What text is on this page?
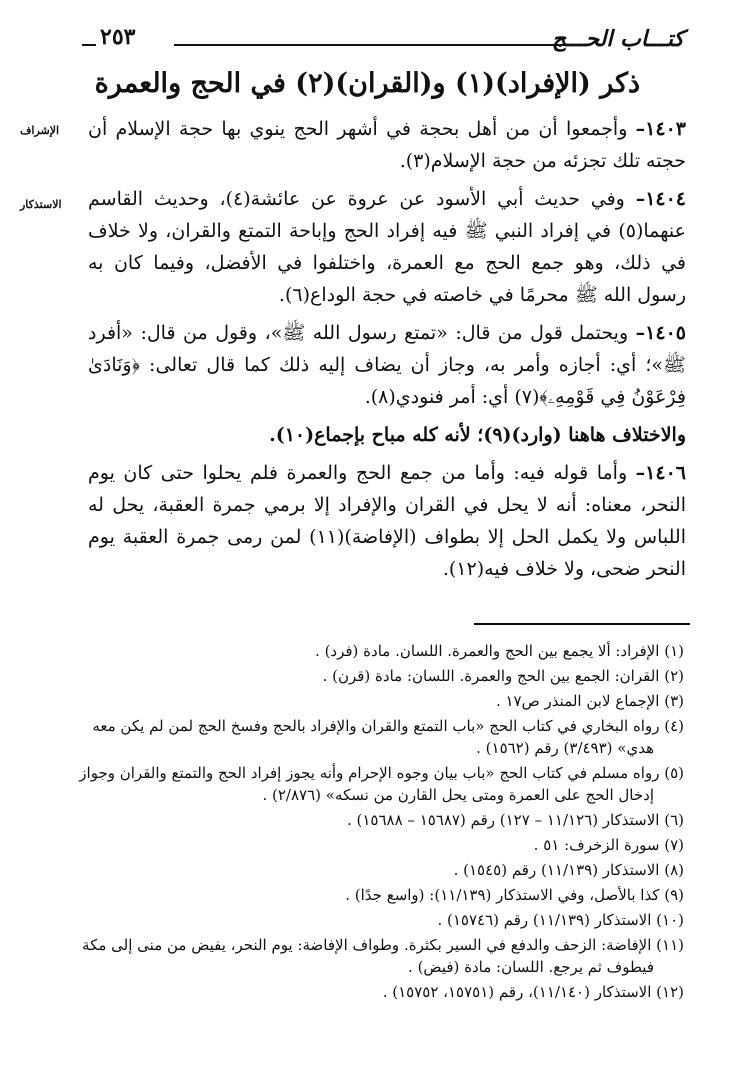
كتـــاب الحـــج
٢٥٣
ذكر (الإفراد)(١) و(القران)(٢) في الحج والعمرة
الإشراف
الاستذكار

١٤٠٣– وأجمعوا أن من أهل بحجة في أشهر الحج ينوي بها حجة الإسلام أن حجته تلك تجزئه من حجة الإسلام(٣).

١٤٠٤– وفي حديث أبي الأسود عن عروة عن عائشة(٤)، وحديث القاسم عنهما(٥) في إفراد النبي ﷺ فيه إفراد الحج وإباحة التمتع والقران، ولا خلاف في ذلك، وهو جمع الحج مع العمرة، واختلفوا في الأفضل، وفيما كان به رسول الله ﷺ محرمًا في خاصته في حجة الوداع(٦).

١٤٠٥– ويحتمل قول من قال: «تمتع رسول الله ﷺ»، وقول من قال: «أفرد ﷺ»؛ أي: أجازه وأمر به، وجاز أن يضاف إليه ذلك كما قال تعالى: ﴿وَنَادَىٰ فِرْعَوْنُ فِي قَوْمِهِۦ﴾(٧) أي: أمر فنودي(٨).

والاختلاف هاهنا (وارد)(٩)؛ لأنه كله مباح بإجماع(١٠).

١٤٠٦– وأما قوله فيه: وأما من جمع الحج والعمرة فلم يحلوا حتى كان يوم النحر، معناه: أنه لا يحل في القران والإفراد إلا برمي جمرة العقبة، يحل له اللباس ولا يكمل الحل إلا بطواف (الإفاضة)(١١) لمن رمى جمرة العقبة يوم النحر ضحى، ولا خلاف فيه(١٢).

(١) الإفراد: ألا يجمع بين الحج والعمرة. اللسان. مادة (فرد) .

(٢) القران: الجمع بين الحج والعمرة. اللسان: مادة (قرن) .

(٣) الإجماع لابن المنذر ص١٧ .

(٤) رواه البخاري في كتاب الحج «باب التمتع والقران والإفراد بالحج وفسخ الحج لمن لم يكن معه هدي» (٣/٤٩٣) رقم (١٥٦٢) .

(٥) رواه مسلم في كتاب الحج «باب بيان وجوه الإحرام وأنه يجوز إفراد الحج والتمتع والقران وجواز إدخال الحج على العمرة ومتى يحل القارن من نسكه» (٢/٨٧٦) .

(٦) الاستذكار (١١/١٢٦ – ١٢٧) رقم (١٥٦٨٧ – ١٥٦٨٨) .

(٧) سورة الزخرف: ٥١ .

(٨) الاستذكار (١١/١٣٩) رقم (١٥٤٥) .

(٩) كذا بالأصل، وفي الاستذكار (١١/١٣٩): (واسع جدًا) .

(١٠) الاستذكار (١١/١٣٩) رقم (١٥٧٤٦) .

(١١) الإفاضة: الزحف والدفع في السير بكثرة. وطواف الإفاضة: يوم النحر، يفيض من منى إلى مكة فيطوف ثم يرجع. اللسان: مادة (فيض) .

(١٢) الاستذكار (١١/١٤٠)، رقم (١٥٧٥١، ١٥٧٥٢) .
